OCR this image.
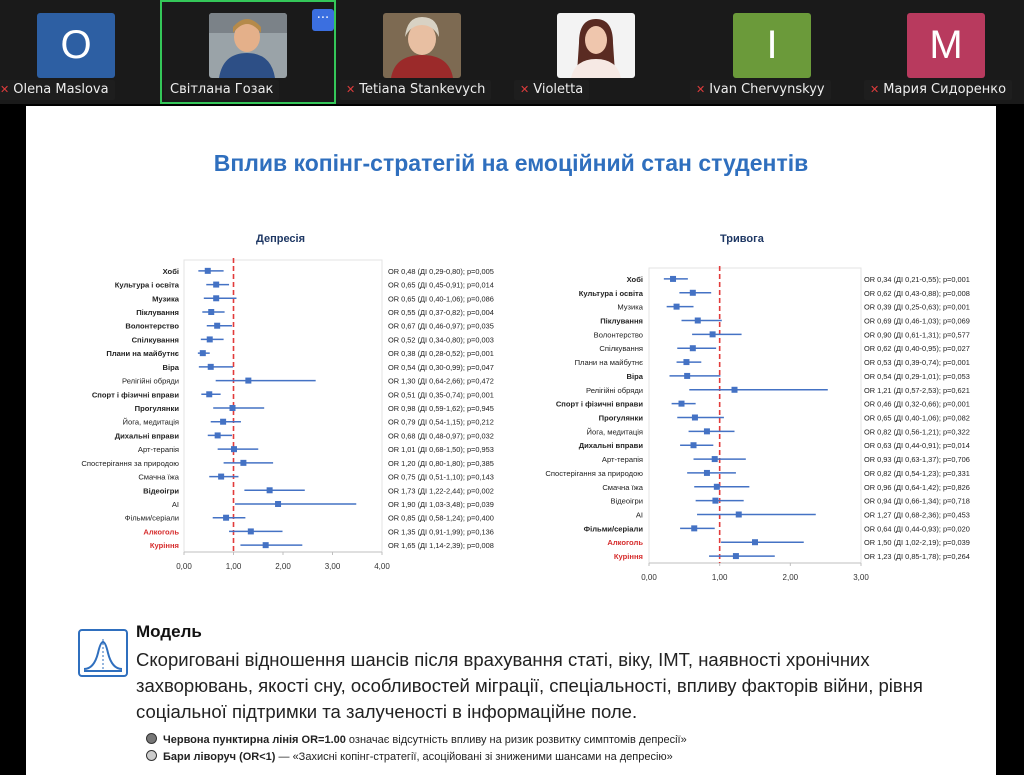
O
✕ Olena Maslova
···
Світлана Гозак	✕ Tetiana Stankevych	✕ Violetta
I
✕ Ivan Chervynskyy
M
✕ Мария Сидоренко
Вплив копінг-стратегій на емоційний стан студентів
Депресія	Тривога
0,00	1,00	2,00	3,00	4,00
Хобі	OR 0,48 (ДІ 0,29-0,80); p=0,005
Культура і освіта	OR 0,65 (ДІ 0,45-0,91); p=0,014
Музика	OR 0,65 (ДІ 0,40-1,06); p=0,086
Піклування	OR 0,55 (ДІ 0,37-0,82); p=0,004
Волонтерство	OR 0,67 (ДІ 0,46-0,97); p=0,035
Спілкування	OR 0,52 (ДІ 0,34-0,80); p=0,003
Плани на майбутнє	OR 0,38 (ДІ 0,28-0,52); p=0,001
Віра	OR 0,54 (ДІ 0,30-0,99); p=0,047
Релігійні обряди	OR 1,30 (ДІ 0,64-2,66); p=0,472
Спорт і фізичні вправи	OR 0,51 (ДІ 0,35-0,74); p=0,001
Прогулянки	OR 0,98 (ДІ 0,59-1,62); p=0,945
Йога, медитація	OR 0,79 (ДІ 0,54-1,15); p=0,212
Дихальні вправи	OR 0,68 (ДІ 0,48-0,97); p=0,032
Арт-терапія	OR 1,01 (ДІ 0,68-1,50); p=0,953
Спостерігання за природою	OR 1,20 (ДІ 0,80-1,80); p=0,385
Смачна їжа	OR 0,75 (ДІ 0,51-1,10); p=0,143
Відеоігри	OR 1,73 (ДІ 1,22-2,44); p=0,002
AI	OR 1,90 (ДІ 1,03-3,48); p=0,039
Фільми/серіали	OR 0,85 (ДІ 0,58-1,24); p=0,400
Алкоголь	OR 1,35 (ДІ 0,91-1,99); p=0,136
Куріння	OR 1,65 (ДІ 1,14-2,39); p=0,008
0,00	1,00	2,00	3,00
Хобі	OR 0,34 (ДІ 0,21-0,55); p=0,001
Культура і освіта	OR 0,62 (ДІ 0,43-0,88); p=0,008
Музика	OR 0,39 (ДІ 0,25-0,63); p=0,001
Піклування	OR 0,69 (ДІ 0,46-1,03); p=0,069
Волонтерство	OR 0,90 (ДІ 0,61-1,31); p=0,577
Спілкування	OR 0,62 (ДІ 0,40-0,95); p=0,027
Плани на майбутнє	OR 0,53 (ДІ 0,39-0,74); p=0,001
Віра	OR 0,54 (ДІ 0,29-1,01); p=0,053
Релігійні обряди	OR 1,21 (ДІ 0,57-2,53); p=0,621
Спорт і фізичні вправи	OR 0,46 (ДІ 0,32-0,66); p=0,001
Прогулянки	OR 0,65 (ДІ 0,40-1,06); p=0,082
Йога, медитація	OR 0,82 (ДІ 0,56-1,21); p=0,322
Дихальні вправи	OR 0,63 (ДІ 0,44-0,91); p=0,014
Арт-терапія	OR 0,93 (ДІ 0,63-1,37); p=0,706
Спостерігання за природою	OR 0,82 (ДІ 0,54-1,23); p=0,331
Смачна їжа	OR 0,96 (ДІ 0,64-1,42); p=0,826
Відеоігри	OR 0,94 (ДІ 0,66-1,34); p=0,718
AI	OR 1,27 (ДІ 0,68-2,36); p=0,453
Фільми/серіали	OR 0,64 (ДІ 0,44-0,93); p=0,020
Алкоголь	OR 1,50 (ДІ 1,02-2,19); p=0,039
Куріння	OR 1,23 (ДІ 0,85-1,78); p=0,264
Модель
Скориговані відношення шансів після врахування статі, віку, ІМТ, наявності хронічних захворювань, якості сну, особливостей міграції, спеціальності, впливу факторів війни, рівня соціальної підтримки та залученості в інформаційне поле.
Червона пунктирна лінія OR=1.00 означає відсутність впливу на ризик розвитку симптомів депресії»
Бари ліворуч (OR<1) — «Захисні копінг-стратегії, асоційовані зі зниженими шансами на депресію»
